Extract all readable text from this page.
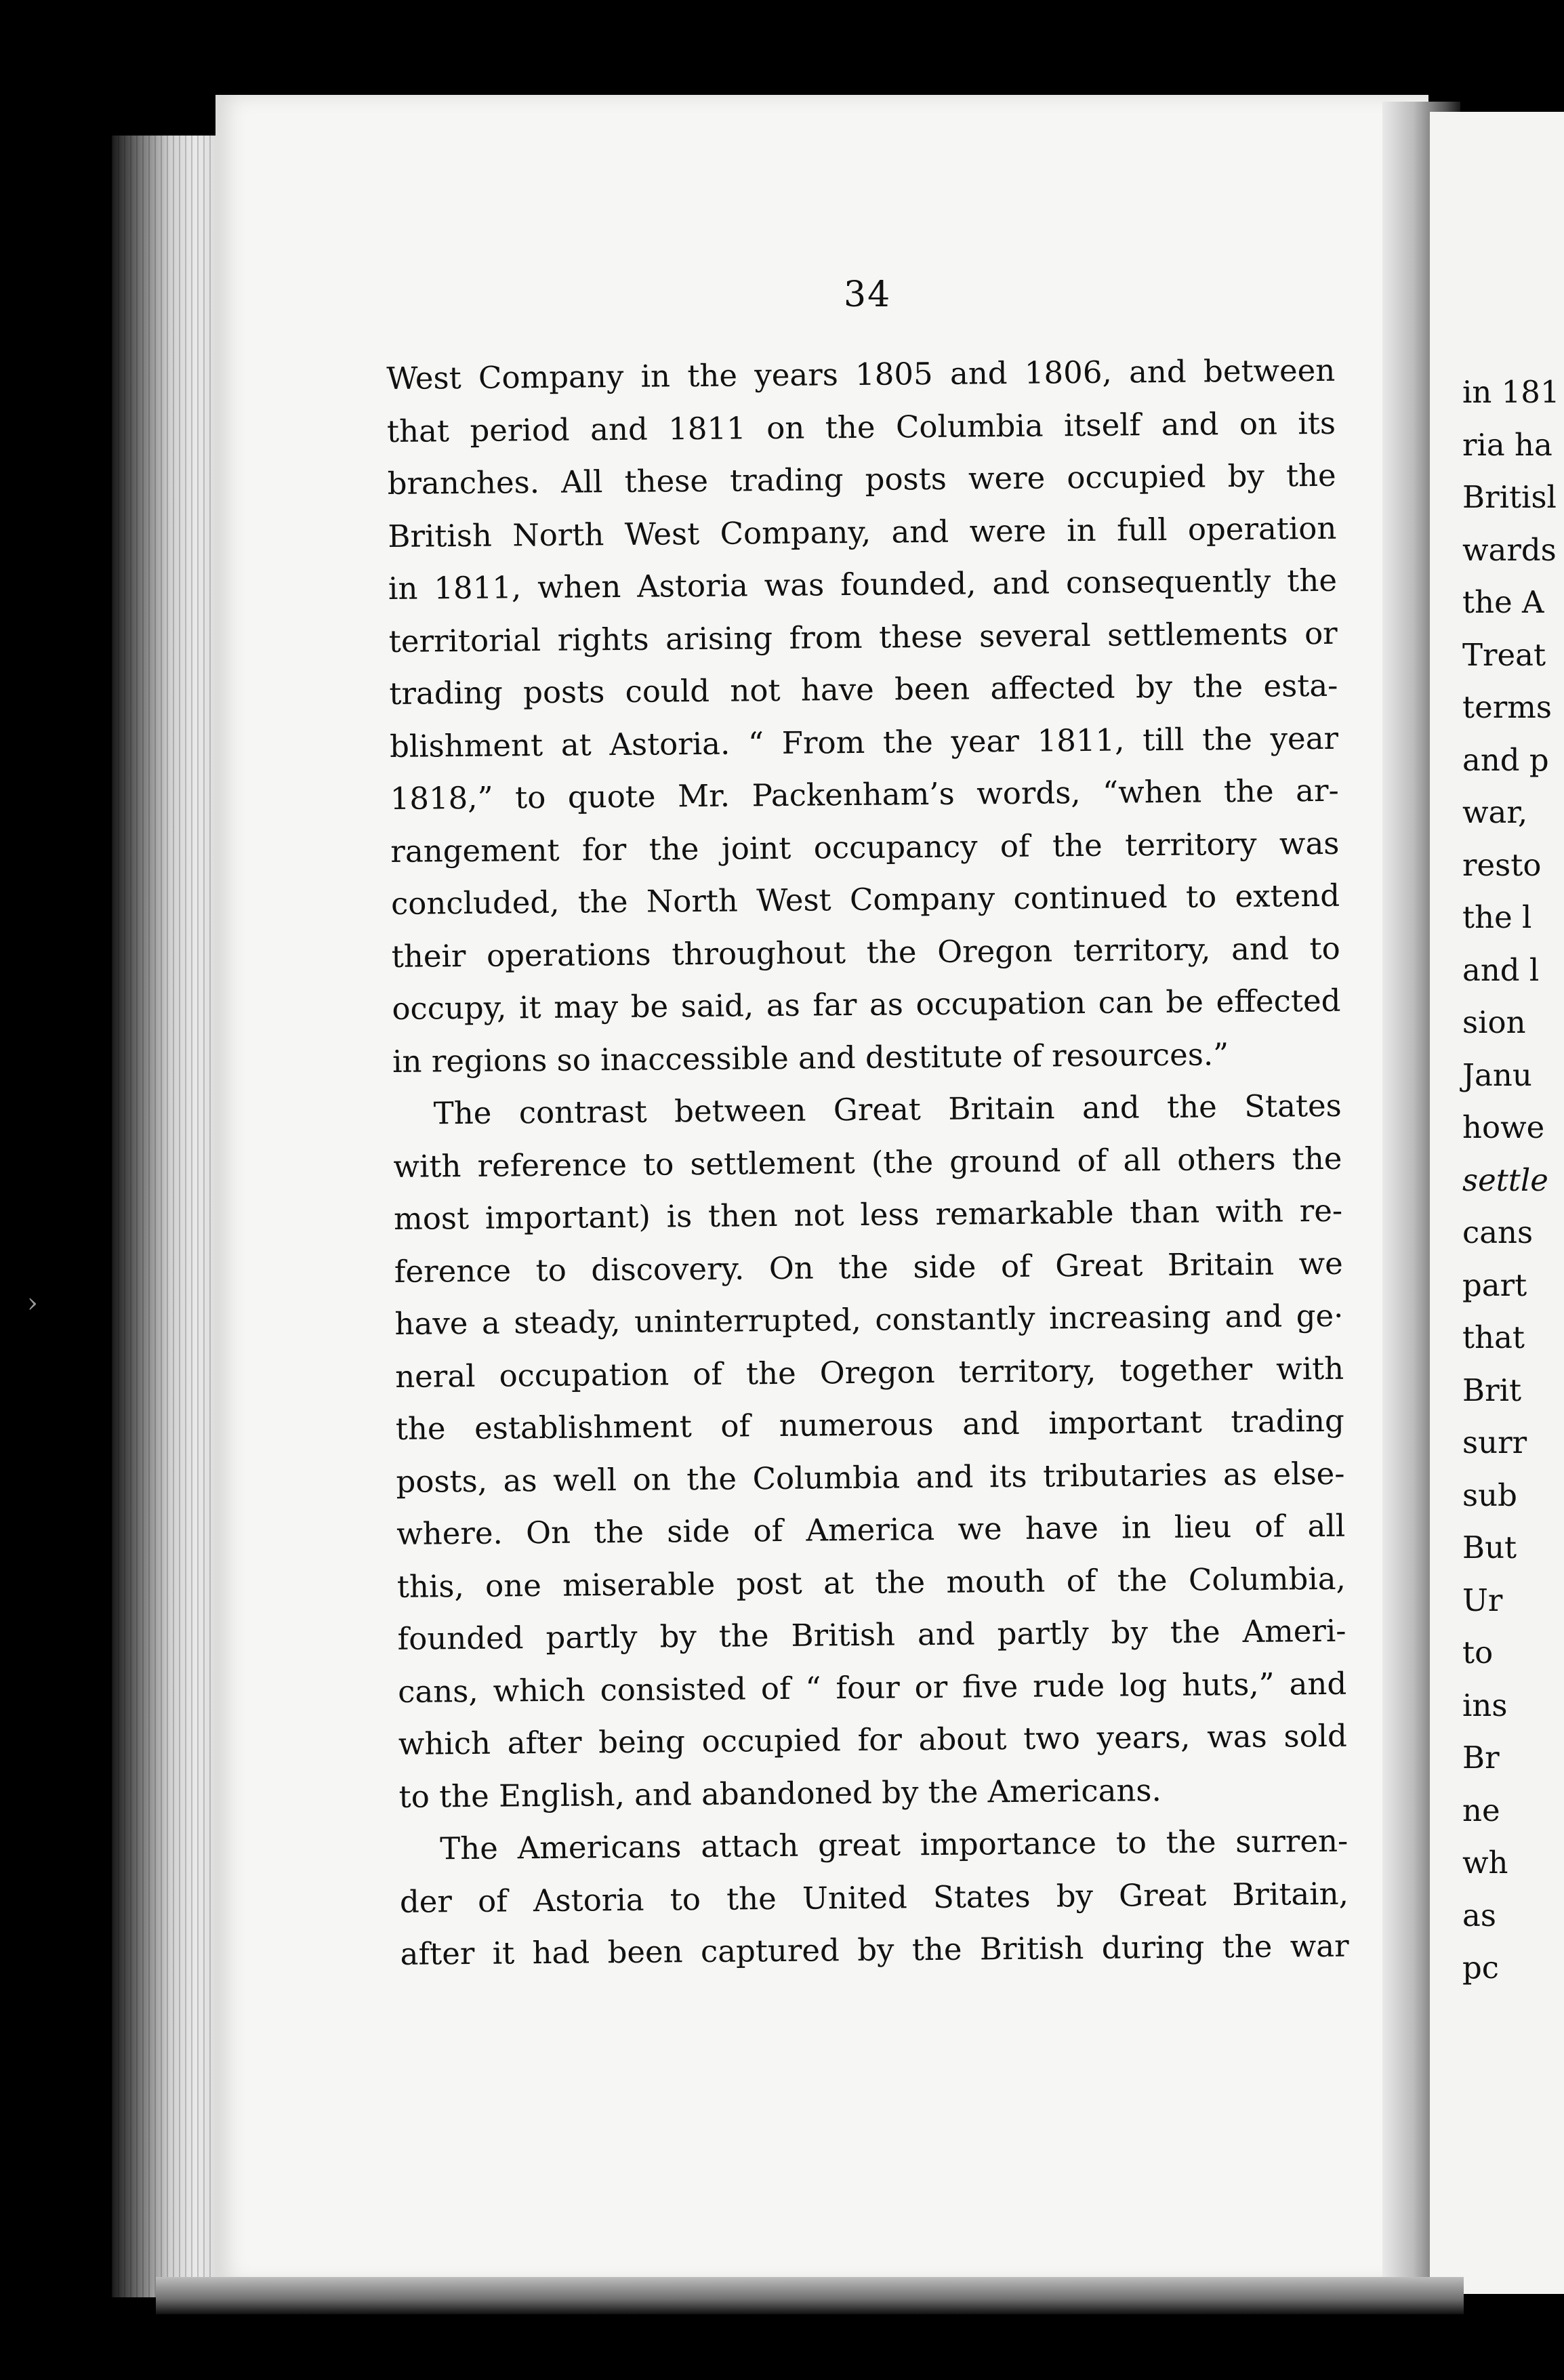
34
West Company in the years 1805 and 1806, and between
that period and 1811 on the Columbia itself and on its
branches. All these trading posts were occupied by the
British North West Company, and were in full operation
in 1811, when Astoria was founded, and consequently the
territorial rights arising from these several settlements or
trading posts could not have been affected by the esta-
blishment at Astoria. “ From the year 1811, till the year
1818,” to quote Mr. Packenham’s words, “when the ar-
rangement for the joint occupancy of the territory was
concluded, the North West Company continued to extend
their operations throughout the Oregon territory, and to
occupy, it may be said, as far as occupation can be effected
in regions so inaccessible and destitute of resources.”
The contrast between Great Britain and the States
with reference to settlement (the ground of all others the
most important) is then not less remarkable than with re-
ference to discovery. On the side of Great Britain we
have a steady, uninterrupted, constantly increasing and ge·
neral occupation of the Oregon territory, together with
the establishment of numerous and important trading
posts, as well on the Columbia and its tributaries as else-
where. On the side of America we have in lieu of all
this, one miserable post at the mouth of the Columbia,
founded partly by the British and partly by the Ameri-
cans, which consisted of “ four or five rude log huts,” and
which after being occupied for about two years, was sold
to the English, and abandoned by the Americans.
The Americans attach great importance to the surren-
der of Astoria to the United States by Great Britain,
after it had been captured by the British during the war
in 181
ria ha
Britisl
wards
the A
Treat
terms
and p
war,
resto
the l
and l
sion
Janu
howe
settle
cans
part
that
Brit
surr
sub
But
Ur
to
ins
Br
ne
wh
as
pc
›
